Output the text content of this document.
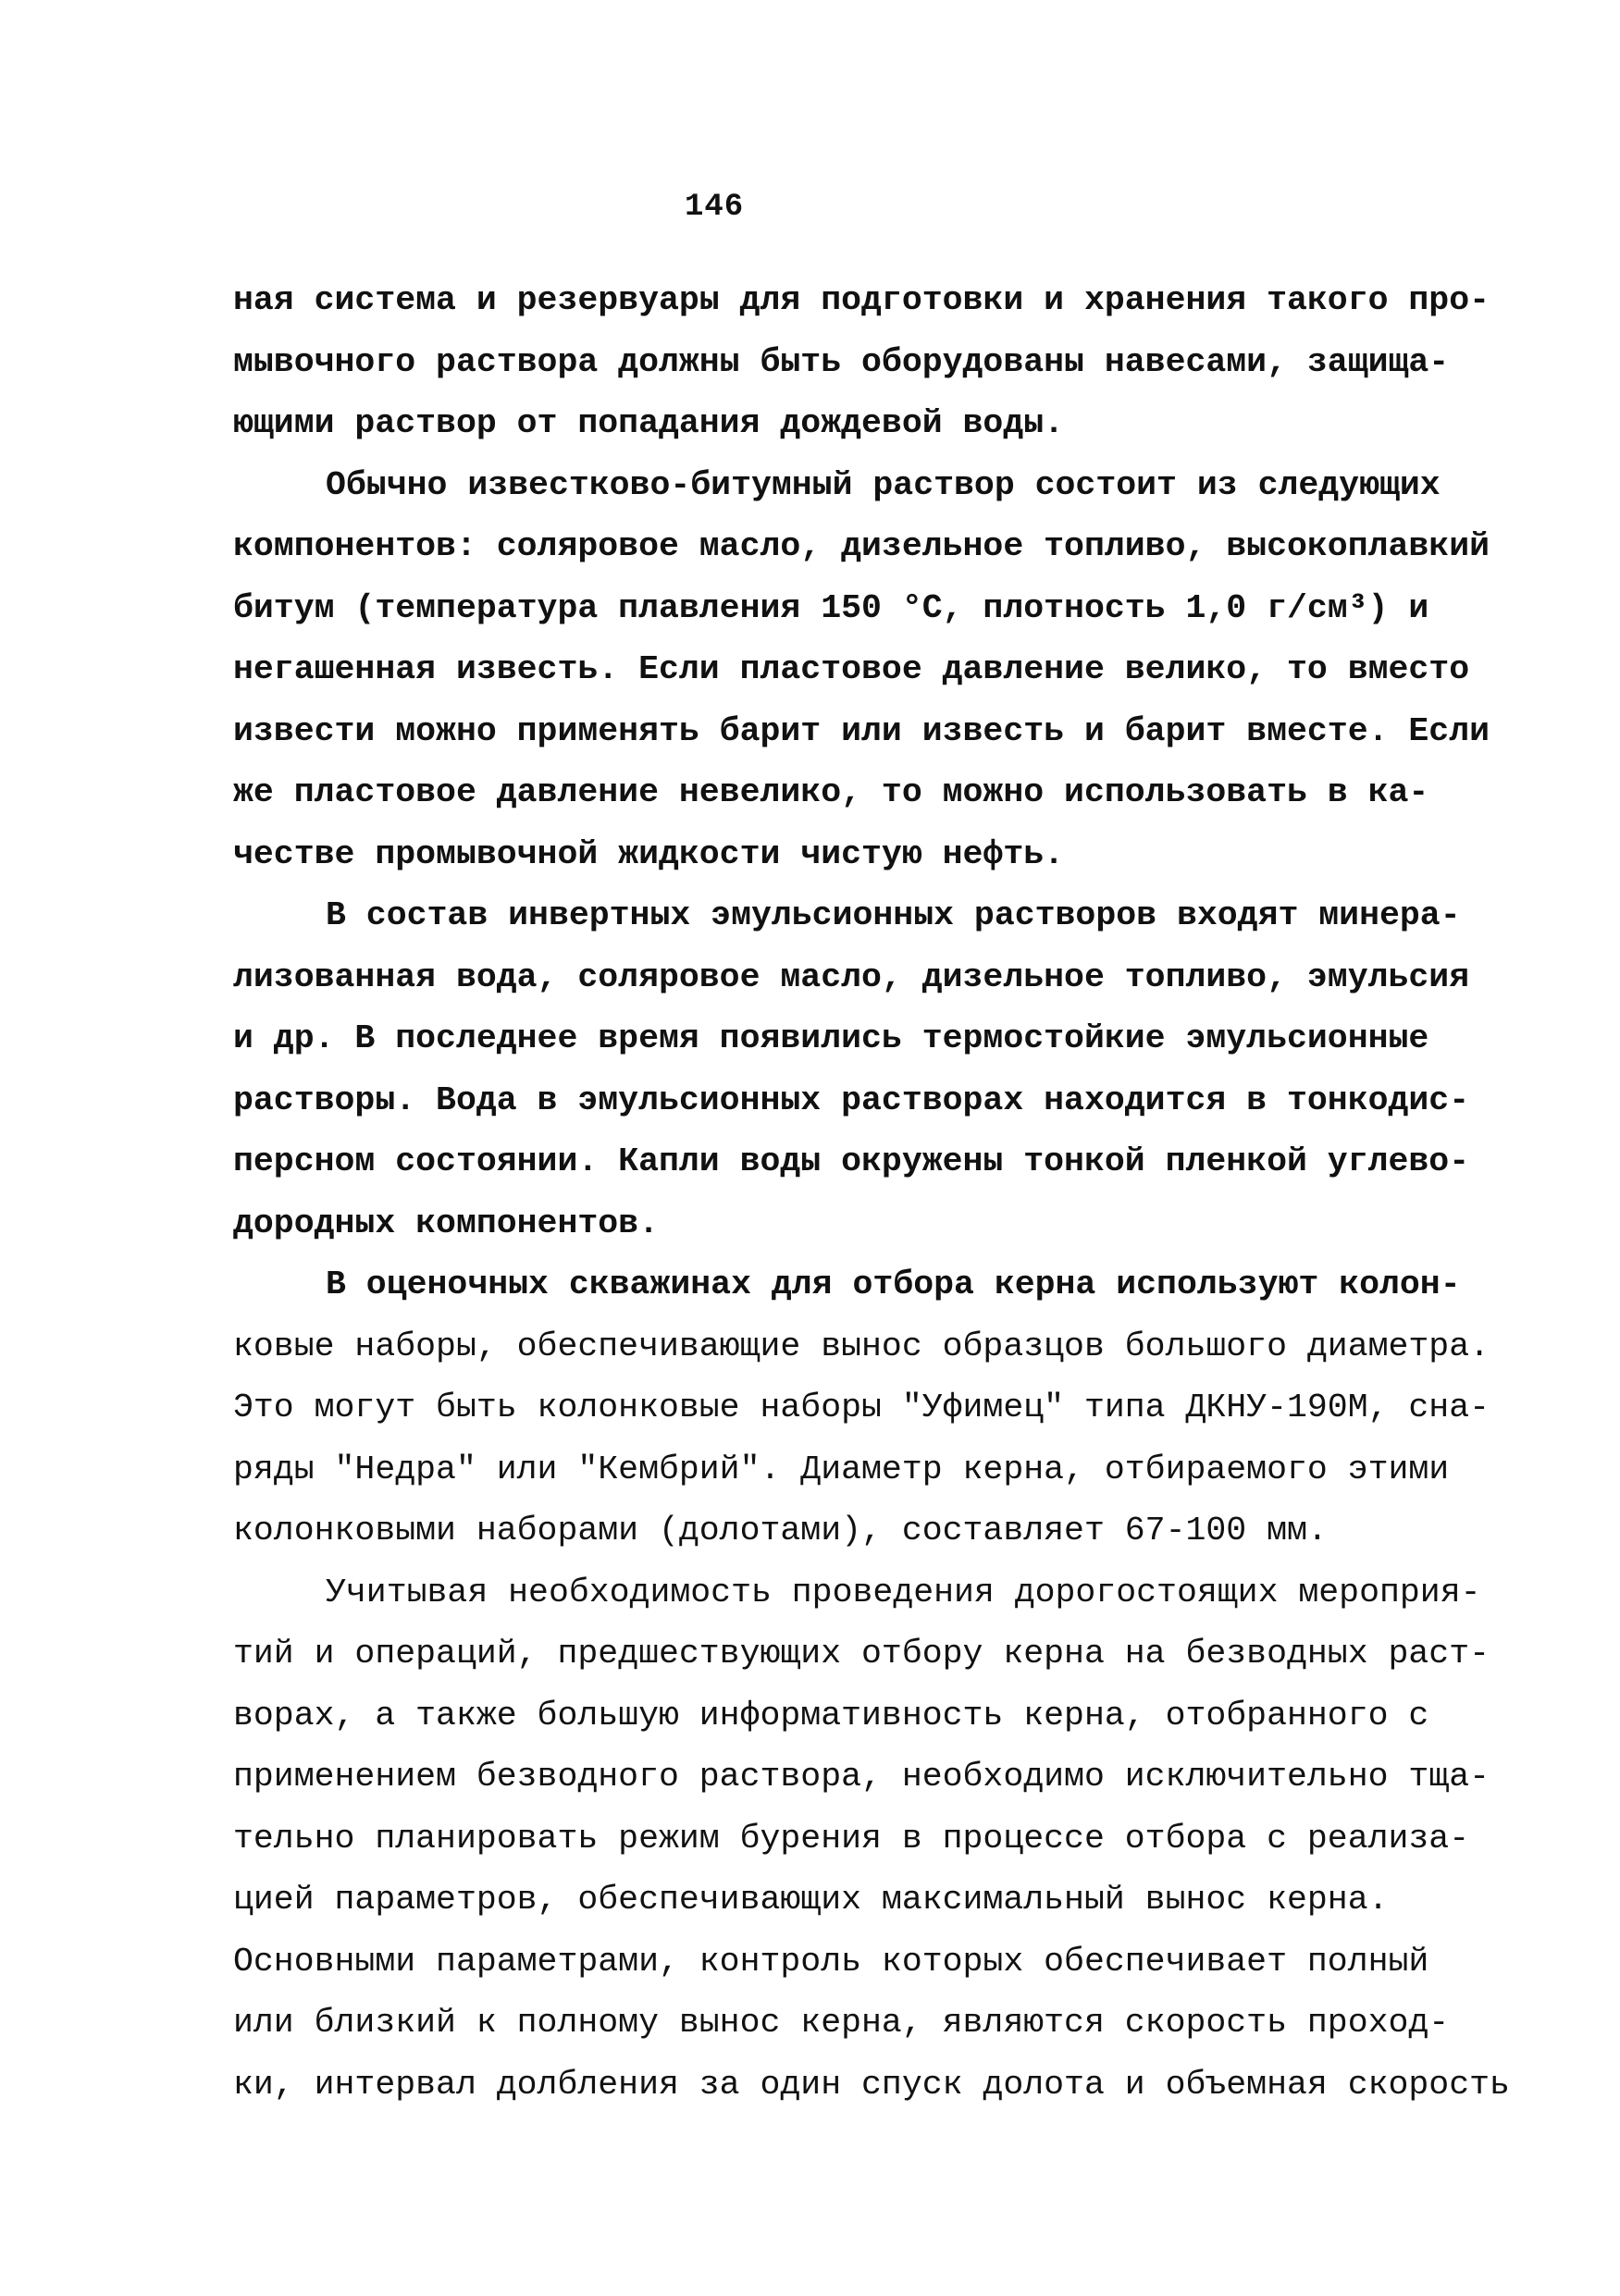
146
ная система и резервуары для подготовки и хранения такого про-
мывочного раствора должны быть оборудованы навесами, защища-
ющими раствор от попадания дождевой воды.
Обычно известково-битумный раствор состоит из следующих
компонентов: соляровое масло, дизельное топливо, высокоплавкий
битум (температура плавления 150 °С, плотность 1,0 г/см³) и
негашенная известь. Если пластовое давление велико, то вместо
извести можно применять барит или известь и барит вместе. Если
же пластовое давление невелико, то можно использовать в ка-
честве промывочной жидкости чистую нефть.
В состав инвертных эмульсионных растворов входят минера-
лизованная вода, соляровое масло, дизельное топливо, эмульсия
и др. В последнее время появились термостойкие эмульсионные
растворы. Вода в эмульсионных растворах находится в тонкодис-
персном состоянии. Капли воды окружены тонкой пленкой углево-
дородных компонентов.
В оценочных скважинах для отбора керна используют колон-
ковые наборы, обеспечивающие вынос образцов большого диаметра.
Это могут быть колонковые наборы "Уфимец" типа ДКНУ-190М, сна-
ряды "Недра" или "Кембрий". Диаметр керна, отбираемого этими
колонковыми наборами (долотами), составляет 67-100 мм.
Учитывая необходимость проведения дорогостоящих мероприя-
тий и операций, предшествующих отбору керна на безводных раст-
ворах, а также большую информативность керна, отобранного с
применением безводного раствора, необходимо исключительно тща-
тельно планировать режим бурения в процессе отбора с реализа-
цией параметров, обеспечивающих максимальный вынос керна.
Основными параметрами, контроль которых обеспечивает полный
или близкий к полному вынос керна, являются скорость проход-
ки, интервал долбления за один спуск долота и объемная скорость
